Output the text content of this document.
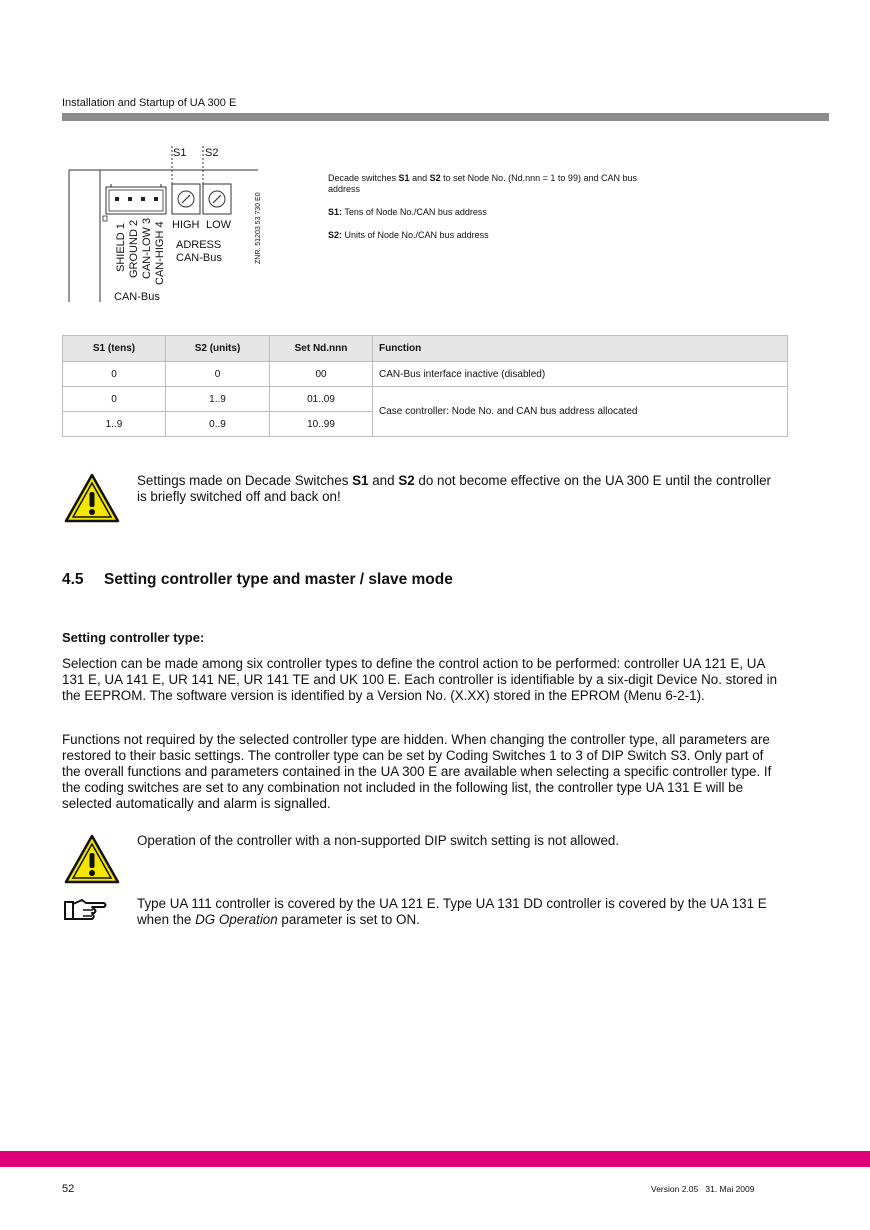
Installation and Startup of UA 300 E
S1 S2
SHIELD 1 GROUND 2 CAN-LOW 3 CAN-HIGH 4
CAN-Bus
HIGH LOW
ADRESS
CAN-Bus	ZNR. 51203 53 730 E0

Decade switches S1 and S2 to set Node No. (Nd.nnn = 1 to 99) and CAN bus address

S1: Tens of Node No./CAN bus address

S2: Units of Node No./CAN bus address

S1 (tens)	S2 (units)	Set Nd.nnn	Function
0	0	00	CAN-Bus interface inactive (disabled)
0	1..9	01..09	Case controller: Node No. and CAN bus address allocated
1..9	0..9	10..99	
Settings made on Decade Switches S1 and S2 do not become effective on the UA 300 E until the controller is briefly switched off and back on!
4.5 Setting controller type and master / slave mode
Setting controller type:
Selection can be made among six controller types to define the control action to be performed: controller UA 121 E, UA 131 E, UA 141 E, UR 141 NE, UR 141 TE and UK 100 E. Each controller is identifiable by a six-digit Device No. stored in the EEPROM. The software version is identified by a Version No. (X.XX) stored in the EPROM (Menu 6-2-1).
Functions not required by the selected controller type are hidden. When changing the controller type, all parameters are restored to their basic settings. The controller type can be set by Coding Switches 1 to 3 of DIP Switch S3. Only part of the overall functions and parameters contained in the UA 300 E are available when selecting a specific controller type. If the coding switches are set to any combination not included in the following list, the controller type UA 131 E will be selected automatically and alarm is signalled.
Operation of the controller with a non-supported DIP switch setting is not allowed.
Type UA 111 controller is covered by the UA 121 E. Type UA 131 DD controller is covered by the UA 131 E when the DG Operation parameter is set to ON.
52	Version 2.05   31. Mai 2009
